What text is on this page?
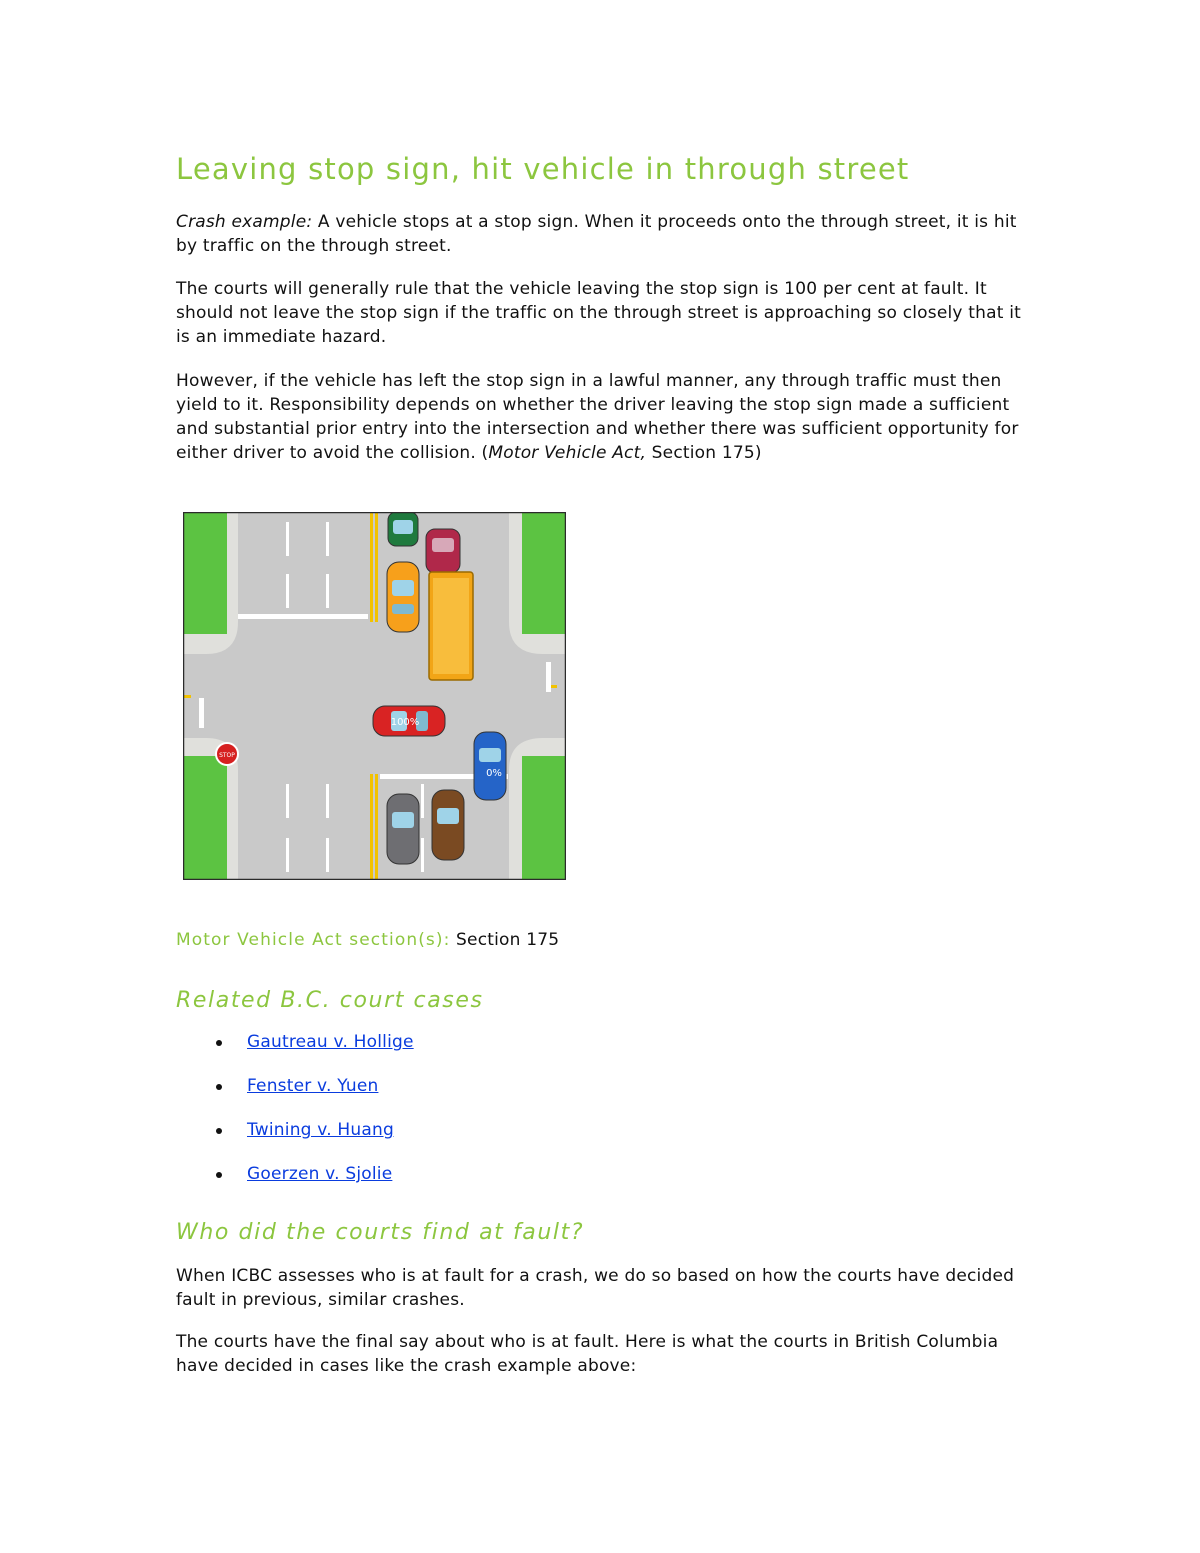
Leaving stop sign, hit vehicle in through street

Crash example: A vehicle stops at a stop sign. When it proceeds onto the through street, it is hit by traffic on the through street.

The courts will generally rule that the vehicle leaving the stop sign is 100 per cent at fault. It should not leave the stop sign if the traffic on the through street is approaching so closely that it is an immediate hazard.

However, if the vehicle has left the stop sign in a lawful manner, any through traffic must then yield to it. Responsibility depends on whether the driver leaving the stop sign made a sufficient and substantial prior entry into the intersection and whether there was sufficient opportunity for either driver to avoid the collision. (Motor Vehicle Act, Section 175)

STOP
100%
0%
Motor Vehicle Act section(s): Section 175
Related B.C. court cases
Gautreau v. Hollige
Fenster v. Yuen
Twining v. Huang
Goerzen v. Sjolie
Who did the courts find at fault?

When ICBC assesses who is at fault for a crash, we do so based on how the courts have decided fault in previous, similar crashes.

The courts have the final say about who is at fault. Here is what the courts in British Columbia have decided in cases like the crash example above:
